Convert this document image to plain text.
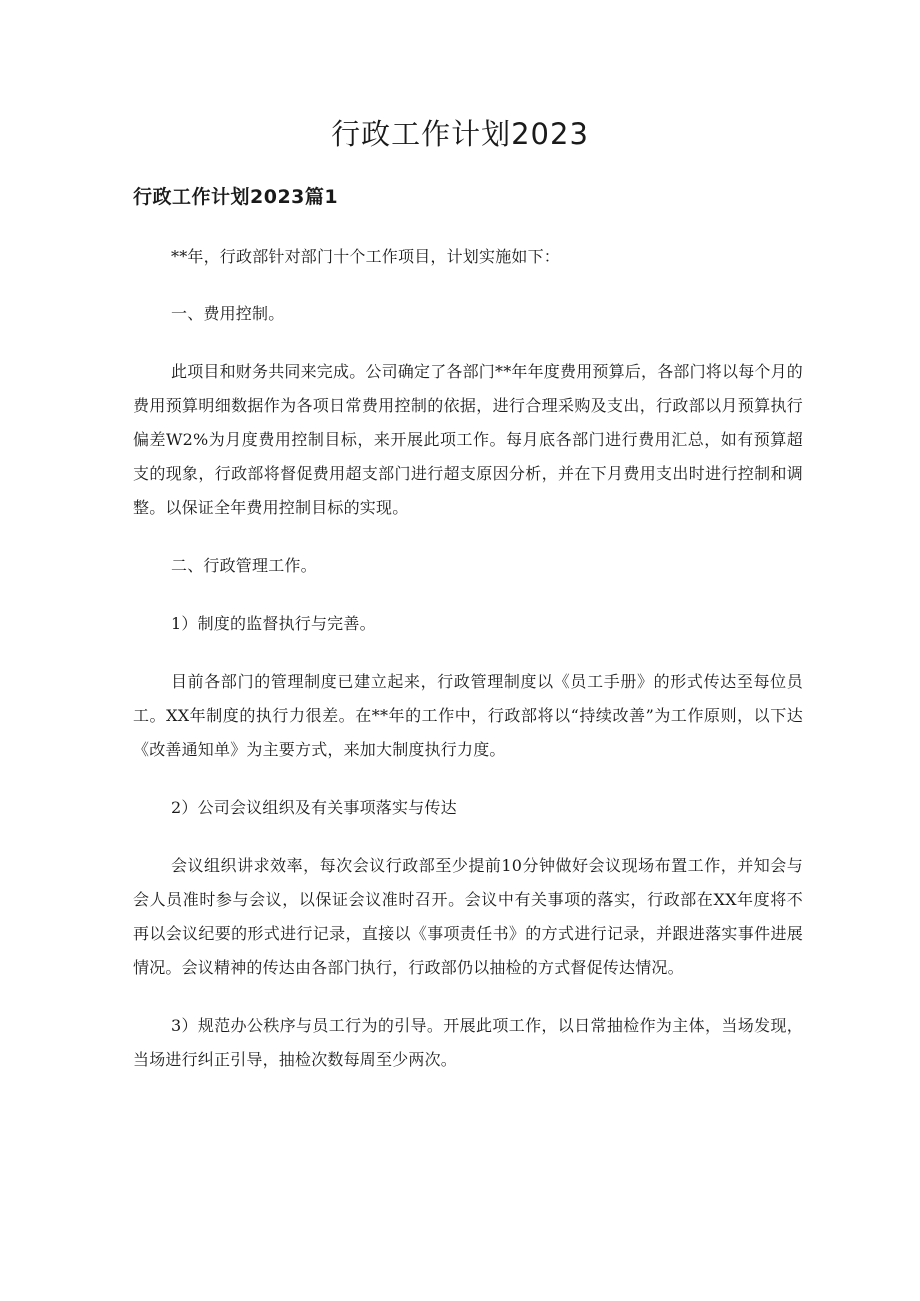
行政工作计划2023
行政工作计划2023篇1

**年，行政部针对部门十个工作项目，计划实施如下：

一、费用控制。

此项目和财务共同来完成。公司确定了各部门**年年度费用预算后，各部门将以每个月的费用预算明细数据作为各项日常费用控制的依据，进行合理采购及支出，行政部以月预算执行偏差W2%为月度费用控制目标，来开展此项工作。每月底各部门进行费用汇总，如有预算超支的现象，行政部将督促费用超支部门进行超支原因分析，并在下月费用支出时进行控制和调整。以保证全年费用控制目标的实现。

二、行政管理工作。

1）制度的监督执行与完善。

目前各部门的管理制度已建立起来，行政管理制度以《员工手册》的形式传达至每位员工。XX年制度的执行力很差。在**年的工作中，行政部将以“持续改善”为工作原则，以下达《改善通知单》为主要方式，来加大制度执行力度。

2）公司会议组织及有关事项落实与传达

会议组织讲求效率，每次会议行政部至少提前10分钟做好会议现场布置工作，并知会与会人员准时参与会议，以保证会议准时召开。会议中有关事项的落实，行政部在XX年度将不再以会议纪要的形式进行记录，直接以《事项责任书》的方式进行记录，并跟进落实事件进展情况。会议精神的传达由各部门执行，行政部仍以抽检的方式督促传达情况。

3）规范办公秩序与员工行为的引导。开展此项工作，以日常抽检作为主体，当场发现，当场进行纠正引导，抽检次数每周至少两次。
